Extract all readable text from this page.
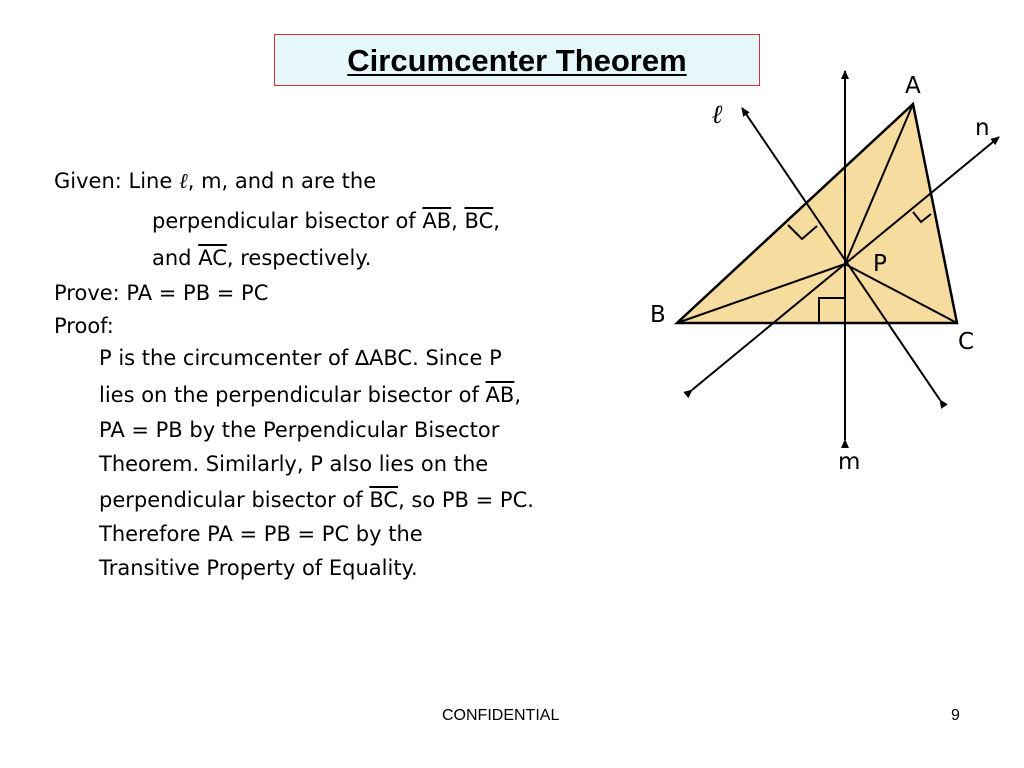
Circumcenter Theorem
Given: Line ℓ, m, and n are the
perpendicular bisector of $\overline{AB}$, $\overline{BC}$,
and $\overline{AC}$, respectively.
Prove: PA = PB = PC
Proof:
P is the circumcenter of ∆ABC. Since P
lies on the perpendicular bisector of $\overline{AB}$,
PA = PB by the Perpendicular Bisector
Theorem. Similarly, P also lies on the
perpendicular bisector of $\overline{BC}$, so PB = PC.
Therefore PA = PB = PC by the
Transitive Property of Equality.
A
B
C
P
m
n
ℓ
CONFIDENTIAL	9
